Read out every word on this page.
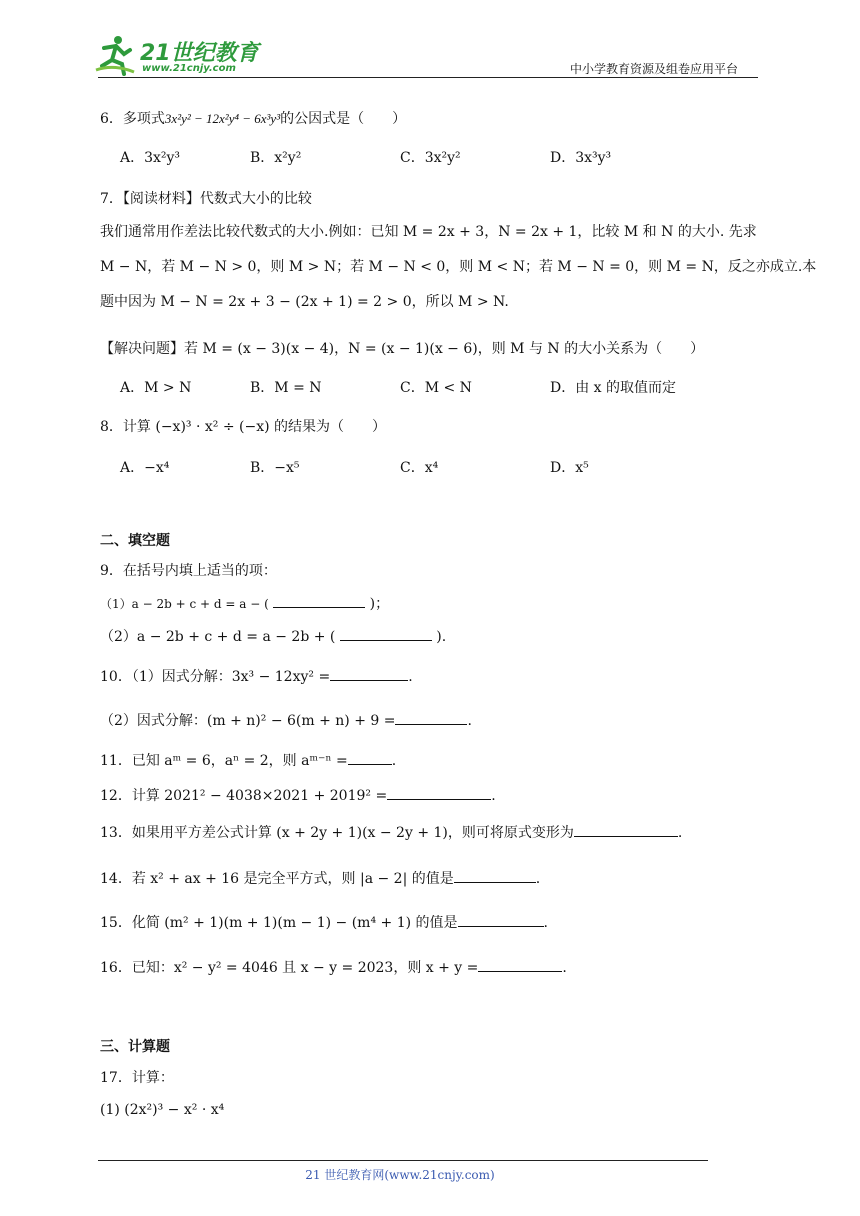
21世纪教育
www.21cnjy.com	中小学教育资源及组卷应用平台
6．多项式3x²y² − 12x²y⁴ − 6x³y³的公因式是（　　）
A．3x²y³	B．x²y²	C．3x²y²	D．3x³y³
7．【阅读材料】代数式大小的比较
我们通常用作差法比较代数式的大小.例如：已知 M = 2x + 3，N = 2x + 1，比较 M 和 N 的大小. 先求
M − N，若 M − N > 0，则 M > N；若 M − N < 0，则 M < N；若 M − N = 0，则 M = N，反之亦成立.本
题中因为 M − N = 2x + 3 − (2x + 1) = 2 > 0，所以 M > N.
【解决问题】若 M = (x − 3)(x − 4)，N = (x − 1)(x − 6)，则 M 与 N 的大小关系为（　　）
A．M > N	B．M = N	C．M < N	D．由 x 的取值而定
8．计算 (−x)³ · x² ÷ (−x) 的结果为（　　）
A．−x⁴	B．−x⁵	C．x⁴	D．x⁵
二、填空题
9．在括号内填上适当的项：
（1）a − 2b + c + d = a − (	)；
（2）a − 2b + c + d = a − 2b + (	).
10．（1）因式分解：3x³ − 12xy² =	.
（2）因式分解：(m + n)² − 6(m + n) + 9 =	.
11．已知 aᵐ = 6，aⁿ = 2，则 aᵐ⁻ⁿ =	.
12．计算 2021² − 4038×2021 + 2019² =	.
13．如果用平方差公式计算 (x + 2y + 1)(x − 2y + 1)，则可将原式变形为	.
14．若 x² + ax + 16 是完全平方式，则 |a − 2| 的值是	.
15．化简 (m² + 1)(m + 1)(m − 1) − (m⁴ + 1) 的值是	.
16．已知：x² − y² = 4046 且 x − y = 2023，则 x + y =	.
三、计算题
17．计算：
(1) (2x²)³ − x² · x⁴
21 世纪教育网(www.21cnjy.com)
